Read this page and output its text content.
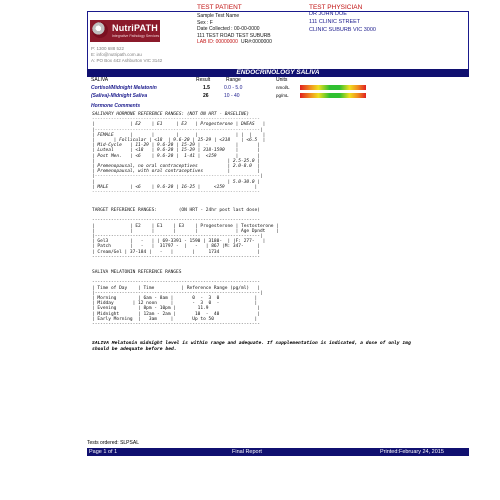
TEST PATIENT	TEST PHYSICIAN
NutriPATH
Integrative Pathology Services
P: 1300 688 522
E: info@nutripath.com.au
A: PO Box 442 Ashburton VIC 3142
Sample Test Name
Sex : F
Date Collected : 00-00-0000
111 TEST ROAD TEST SUBURB
LAB ID: 00000000 UR#:0000000
DR JOHN DOE
111 CLINIC STREET
CLINIC SUBURB VIC 3000
ENDOCRINOLOGY SALIVA
SALIVA	Result	Range	Units
Cortisol/Midnight Melatonin	1.5	0.0 - 5.0	nmol/L
(Saliva)-Midnight Saliva	26	10 - 40	pg/mL
Hormone Comments
SALIVARY HORMONE REFERENCE RANGES: (NOT ON HRT - BASELINE)
--------------------------------------------------------------
|             | E2    | E1     | E3   | Progesterone | DHEAS   |
|-------------------------------------------------------------|
| FEMALE      |       |        |      |              | |  |    |
|       | Follicular | <18  | 9.6-20 | 15-29 | <318    | <6.5  |
| Mid-Cycle   | 11-29 | 9.6-20 | 15-29 |  -          |       |
| Luteal      | <18   | 9.6-20 | 15-29 | 318-1590    |       |
| Post Men.   | <6    | 9.6-20 |  1-41 |  <159       |       |
|                                                 | 2.5-25.0 |
| Premenopausal, no oral contraceptives           | 2.0-8.0  |
| Premenopausal, with oral contraceptives         |          |
|-------------------------------------------------------------|
|                                                 | 5.0-30.0 |
| MALE        | <6    | 9.6-20 | 16-25 |     <159           |
--------------------------------------------------------------
TARGET REFERENCE RANGES:        (ON HRT - 24hr post last dose)

--------------------------------------------------------------
|             | E2    | E1    | E3    | Progesterone | Testosterone |
|             |       |       |       |              | Age Dpndt    |
|-------------------------------------------------------------|
| Gel3        |   -   | | 69-3391 - 1590 | 3180-  | |F: 277-   |
| Patch       |   -   |  31797 -  |   -   | 867 |M: 347-     |
| Cream/Gel | 37-184 |   -   |       |     1734              |
--------------------------------------------------------------
SALIVA MELATONIN REFERENCE RANGES

--------------------------------------------------------------
| Time of Day    | Time          | Reference Range (pg/ml)   |
|-------------------------------------------------------------|
| Morning        | 6am - 8am |       0  -  3  0             |
| Midday       | 12 noon     |       -  3  0  -             |
| Evening        | 8pm - 10pm |        11.9                  |
| Midnight       | 12am - 2am |       10  -  40              |
| Early Morning  |   3am     |       Up to 50               |
--------------------------------------------------------------
SALIVA Melatonin midnight level is within range and adequate. If supplementation is indicated, a dose of only 1mg should be adequate before bed.
Tests ordered: SLPSAL
Page 1 of 1	Final Report	Printed:February 24, 2015
